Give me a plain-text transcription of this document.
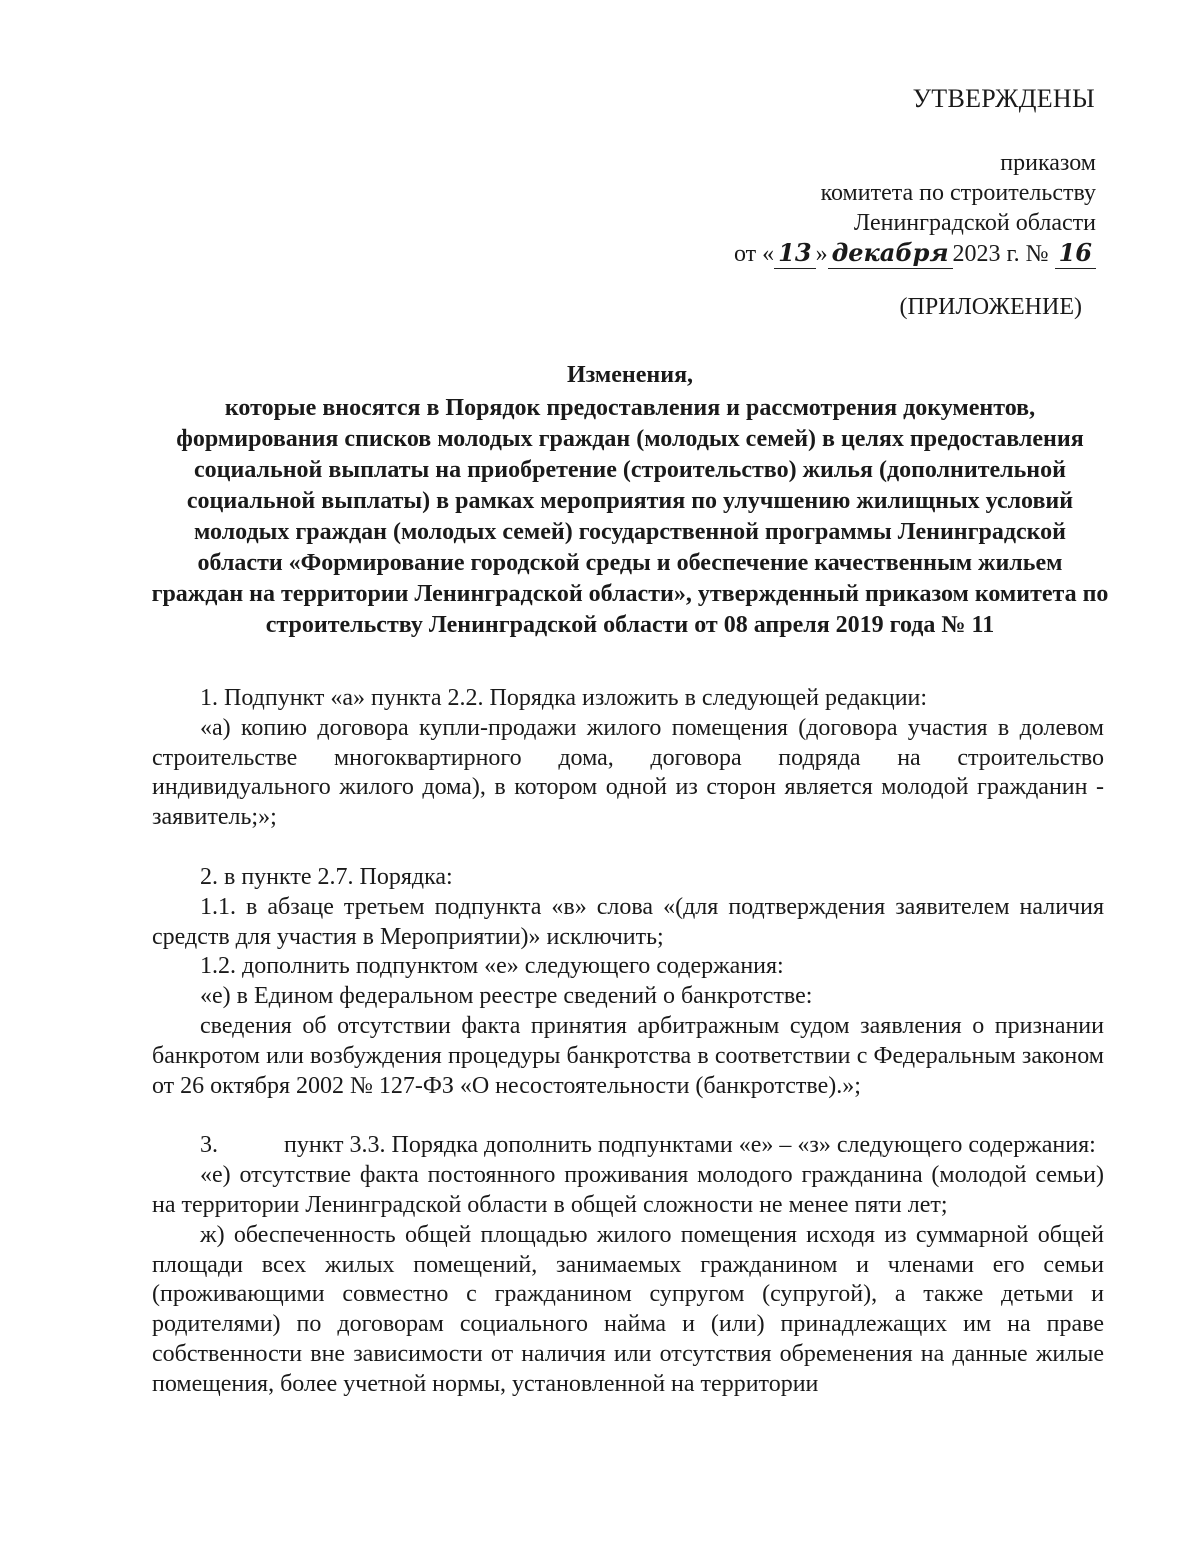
УТВЕРЖДЕНЫ
приказом
комитета по строительству
Ленинградской области
от « 13 » декабря 2023 г. № 16
(ПРИЛОЖЕНИЕ)
Изменения,
которые вносятся в Порядок предоставления и рассмотрения документов, формирования списков молодых граждан (молодых семей) в целях предоставления социальной выплаты на приобретение (строительство) жилья (дополнительной социальной выплаты) в рамках мероприятия по улучшению жилищных условий молодых граждан (молодых семей) государственной программы Ленинградской области «Формирование городской среды и обеспечение качественным жильем граждан на территории Ленинградской области», утвержденный приказом комитета по строительству Ленинградской области от 08 апреля 2019 года № 11

1. Подпункт «а» пункта 2.2. Порядка изложить в следующей редакции:

«а) копию договора купли-продажи жилого помещения (договора участия в долевом строительстве многоквартирного дома, договора подряда на строительство индивидуального жилого дома), в котором одной из сторон является молодой гражданин - заявитель;»;

2. в пункте 2.7. Порядка:

1.1. в абзаце третьем подпункта «в» слова «(для подтверждения заявителем наличия средств для участия в Мероприятии)» исключить;

1.2. дополнить подпунктом «е» следующего содержания:

«е) в Едином федеральном реестре сведений о банкротстве:

сведения об отсутствии факта принятия арбитражным судом заявления о признании банкротом или возбуждения процедуры банкротства в соответствии с Федеральным законом от 26 октября 2002 № 127-ФЗ «О несостоятельности (банкротстве).»;

3.	пункт 3.3. Порядка дополнить подпунктами «е» – «з» следующего содержания:

«е) отсутствие факта постоянного проживания молодого гражданина (молодой семьи) на территории Ленинградской области в общей сложности не менее пяти лет;

ж) обеспеченность общей площадью жилого помещения исходя из суммарной общей площади всех жилых помещений, занимаемых гражданином и членами его семьи (проживающими совместно с гражданином супругом (супругой), а также детьми и родителями) по договорам социального найма и (или) принадлежащих им на праве собственности вне зависимости от наличия или отсутствия обременения на данные жилые помещения, более учетной нормы, установленной на территории
